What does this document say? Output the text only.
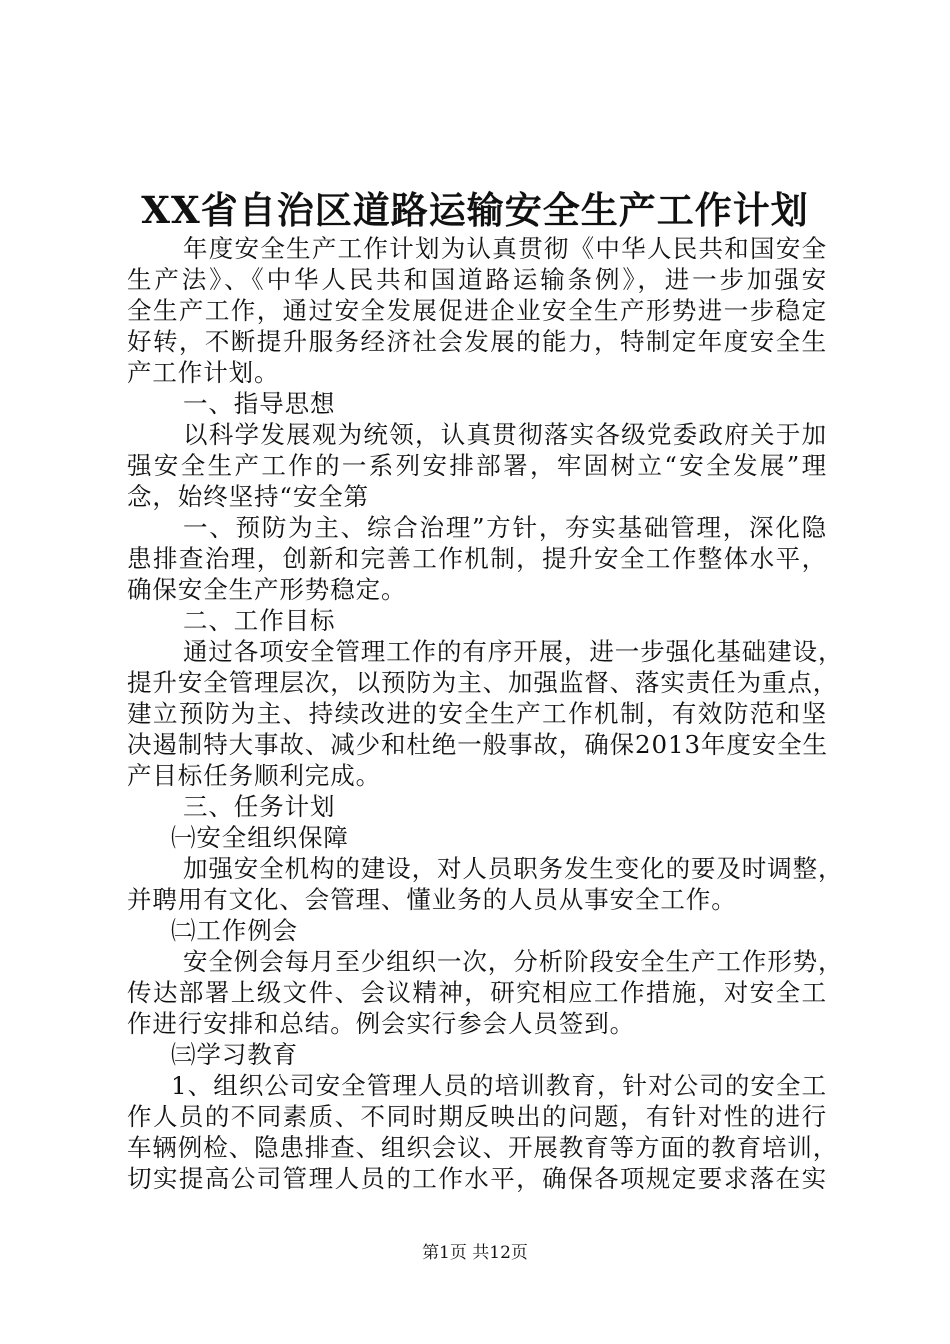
XX省自治区道路运输安全生产工作计划

年度安全生产工作计划为认真贯彻《中华人民共和国安全

生产法》、《中华人民共和国道路运输条例》，进一步加强安

全生产工作，通过安全发展促进企业安全生产形势进一步稳定

好转，不断提升服务经济社会发展的能力，特制定年度安全生

产工作计划。

一、指导思想

以科学发展观为统领，认真贯彻落实各级党委政府关于加

强安全生产工作的一系列安排部署，牢固树立“安全发展”理

念，始终坚持“安全第

一、预防为主、综合治理”方针，夯实基础管理，深化隐

患排查治理，创新和完善工作机制，提升安全工作整体水平，

确保安全生产形势稳定。

二、工作目标

通过各项安全管理工作的有序开展，进一步强化基础建设，

提升安全管理层次，以预防为主、加强监督、落实责任为重点，

建立预防为主、持续改进的安全生产工作机制，有效防范和坚

决遏制特大事故、减少和杜绝一般事故，确保2013年度安全生

产目标任务顺利完成。

三、任务计划

㈠安全组织保障

加强安全机构的建设，对人员职务发生变化的要及时调整，

并聘用有文化、会管理、懂业务的人员从事安全工作。

㈡工作例会

安全例会每月至少组织一次，分析阶段安全生产工作形势，

传达部署上级文件、会议精神，研究相应工作措施，对安全工

作进行安排和总结。例会实行参会人员签到。

㈢学习教育

1、组织公司安全管理人员的培训教育，针对公司的安全工

作人员的不同素质、不同时期反映出的问题，有针对性的进行

车辆例检、隐患排查、组织会议、开展教育等方面的教育培训，

切实提高公司管理人员的工作水平，确保各项规定要求落在实

第1页 共12页
